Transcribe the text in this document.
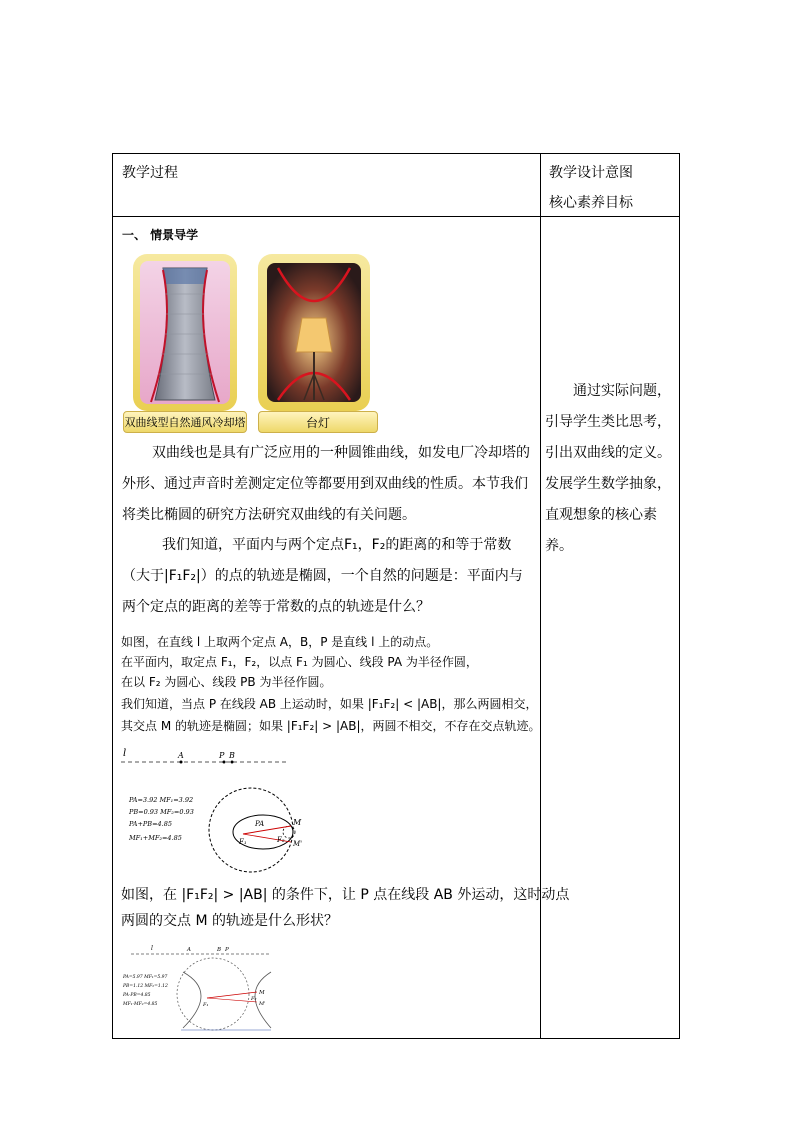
教学过程	教学设计意图
核心素养目标
一、 情景导学
双曲线型自然通风冷却塔	台灯
双曲线也是具有广泛应用的一种圆锥曲线，如发电厂冷却塔的
外形、通过声音时差测定定位等都要用到双曲线的性质。本节我们
将类比椭圆的研究方法研究双曲线的有关问题。
我们知道，平面内与两个定点F₁，F₂的距离的和等于常数
（大于|F₁F₂|）的点的轨迹是椭圆，一个自然的问题是：平面内与
两个定点的距离的差等于常数的点的轨迹是什么？
如图，在直线 l 上取两个定点 A，B，P 是直线 l 上的动点。
在平面内，取定点 F₁，F₂，以点 F₁ 为圆心、线段 PA 为半径作圆，
在以 F₂ 为圆心、线段 PB 为半径作圆。
我们知道，当点 P 在线段 AB 上运动时，如果 |F₁F₂| < |AB|，那么两圆相交，
其交点 M 的轨迹是椭圆；如果 |F₁F₂| > |AB|，两圆不相交，不存在交点轨迹。
l	A	P B
PA=3.92 MF₁=3.92
PB=0.93 MF₂=0.93
PA+PB=4.85
MF₁+MF₂=4.85
M
M'
F₁	F₂
PA
如图，在 |F₁F₂| > |AB| 的条件下，让 P 点在线段 AB 外运动，这时动点
两圆的交点 M 的轨迹是什么形状？
l	A	B P
PA=5.97 MF₁=5.97
PB=1.12 MF₂=1.12
PA-PB=4.85
MF₁-MF₂=4.85
M
M'
F₁
F₂
通过实际问题，
引导学生类比思考，
引出双曲线的定义。
发展学生数学抽象，
直观想象的核心素
养。
